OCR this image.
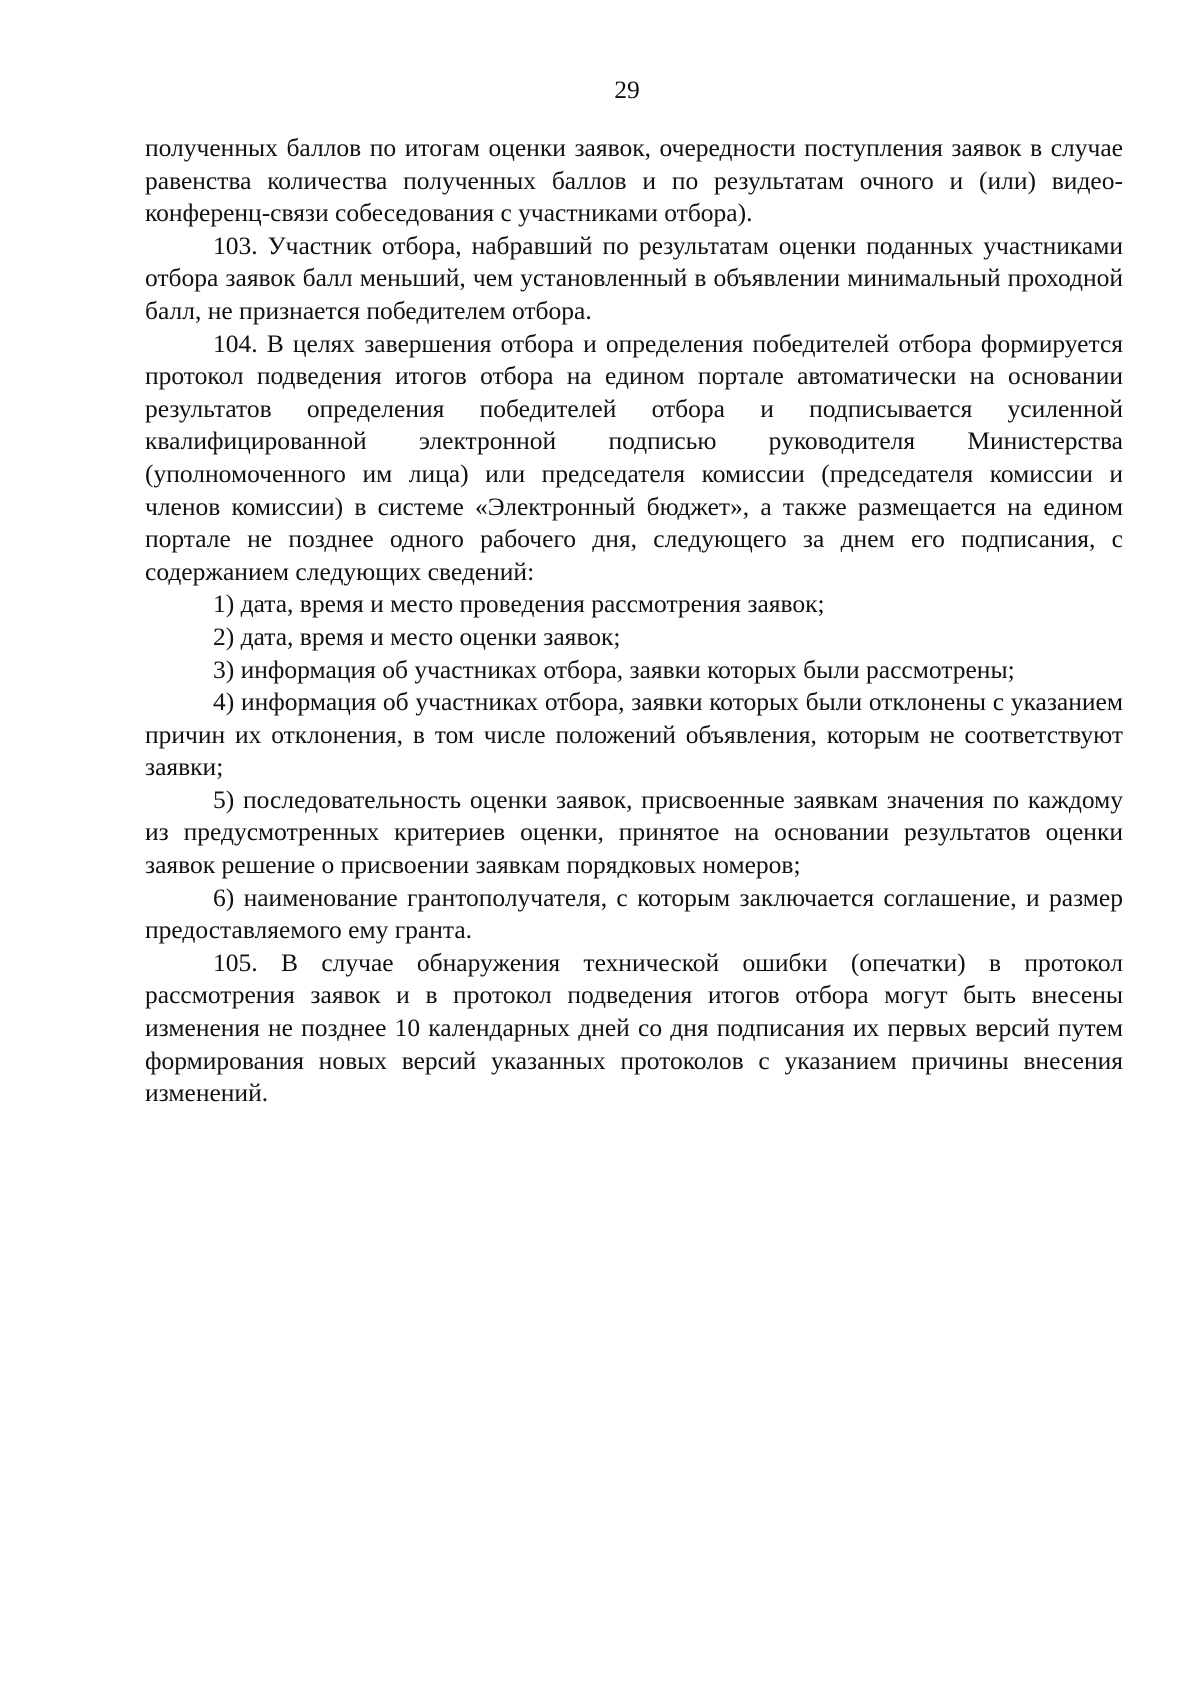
29

полученных баллов по итогам оценки заявок, очередности поступления заявок в случае равенства количества полученных баллов и по результатам очного и (или) видео-конференц-связи собеседования с участниками отбора).

103. Участник отбора, набравший по результатам оценки поданных участниками отбора заявок балл меньший, чем установленный в объявлении минимальный проходной балл, не признается победителем отбора.

104. В целях завершения отбора и определения победителей отбора формируется протокол подведения итогов отбора на едином портале автоматически на основании результатов определения победителей отбора и подписывается усиленной квалифицированной электронной подписью руководителя Министерства (уполномоченного им лица) или председателя комиссии (председателя комиссии и членов комиссии) в системе «Электронный бюджет», а также размещается на едином портале не позднее одного рабочего дня, следующего за днем его подписания, с содержанием следующих сведений:

1) дата, время и место проведения рассмотрения заявок;

2) дата, время и место оценки заявок;

3) информация об участниках отбора, заявки которых были рассмотрены;

4) информация об участниках отбора, заявки которых были отклонены с указанием причин их отклонения, в том числе положений объявления, которым не соответствуют заявки;

5) последовательность оценки заявок, присвоенные заявкам значения по каждому из предусмотренных критериев оценки, принятое на основании результатов оценки заявок решение о присвоении заявкам порядковых номеров;

6) наименование грантополучателя, с которым заключается соглашение, и размер предоставляемого ему гранта.

105. В случае обнаружения технической ошибки (опечатки) в протокол рассмотрения заявок и в протокол подведения итогов отбора могут быть внесены изменения не позднее 10 календарных дней со дня подписания их первых версий путем формирования новых версий указанных протоколов с указанием причины внесения изменений.
